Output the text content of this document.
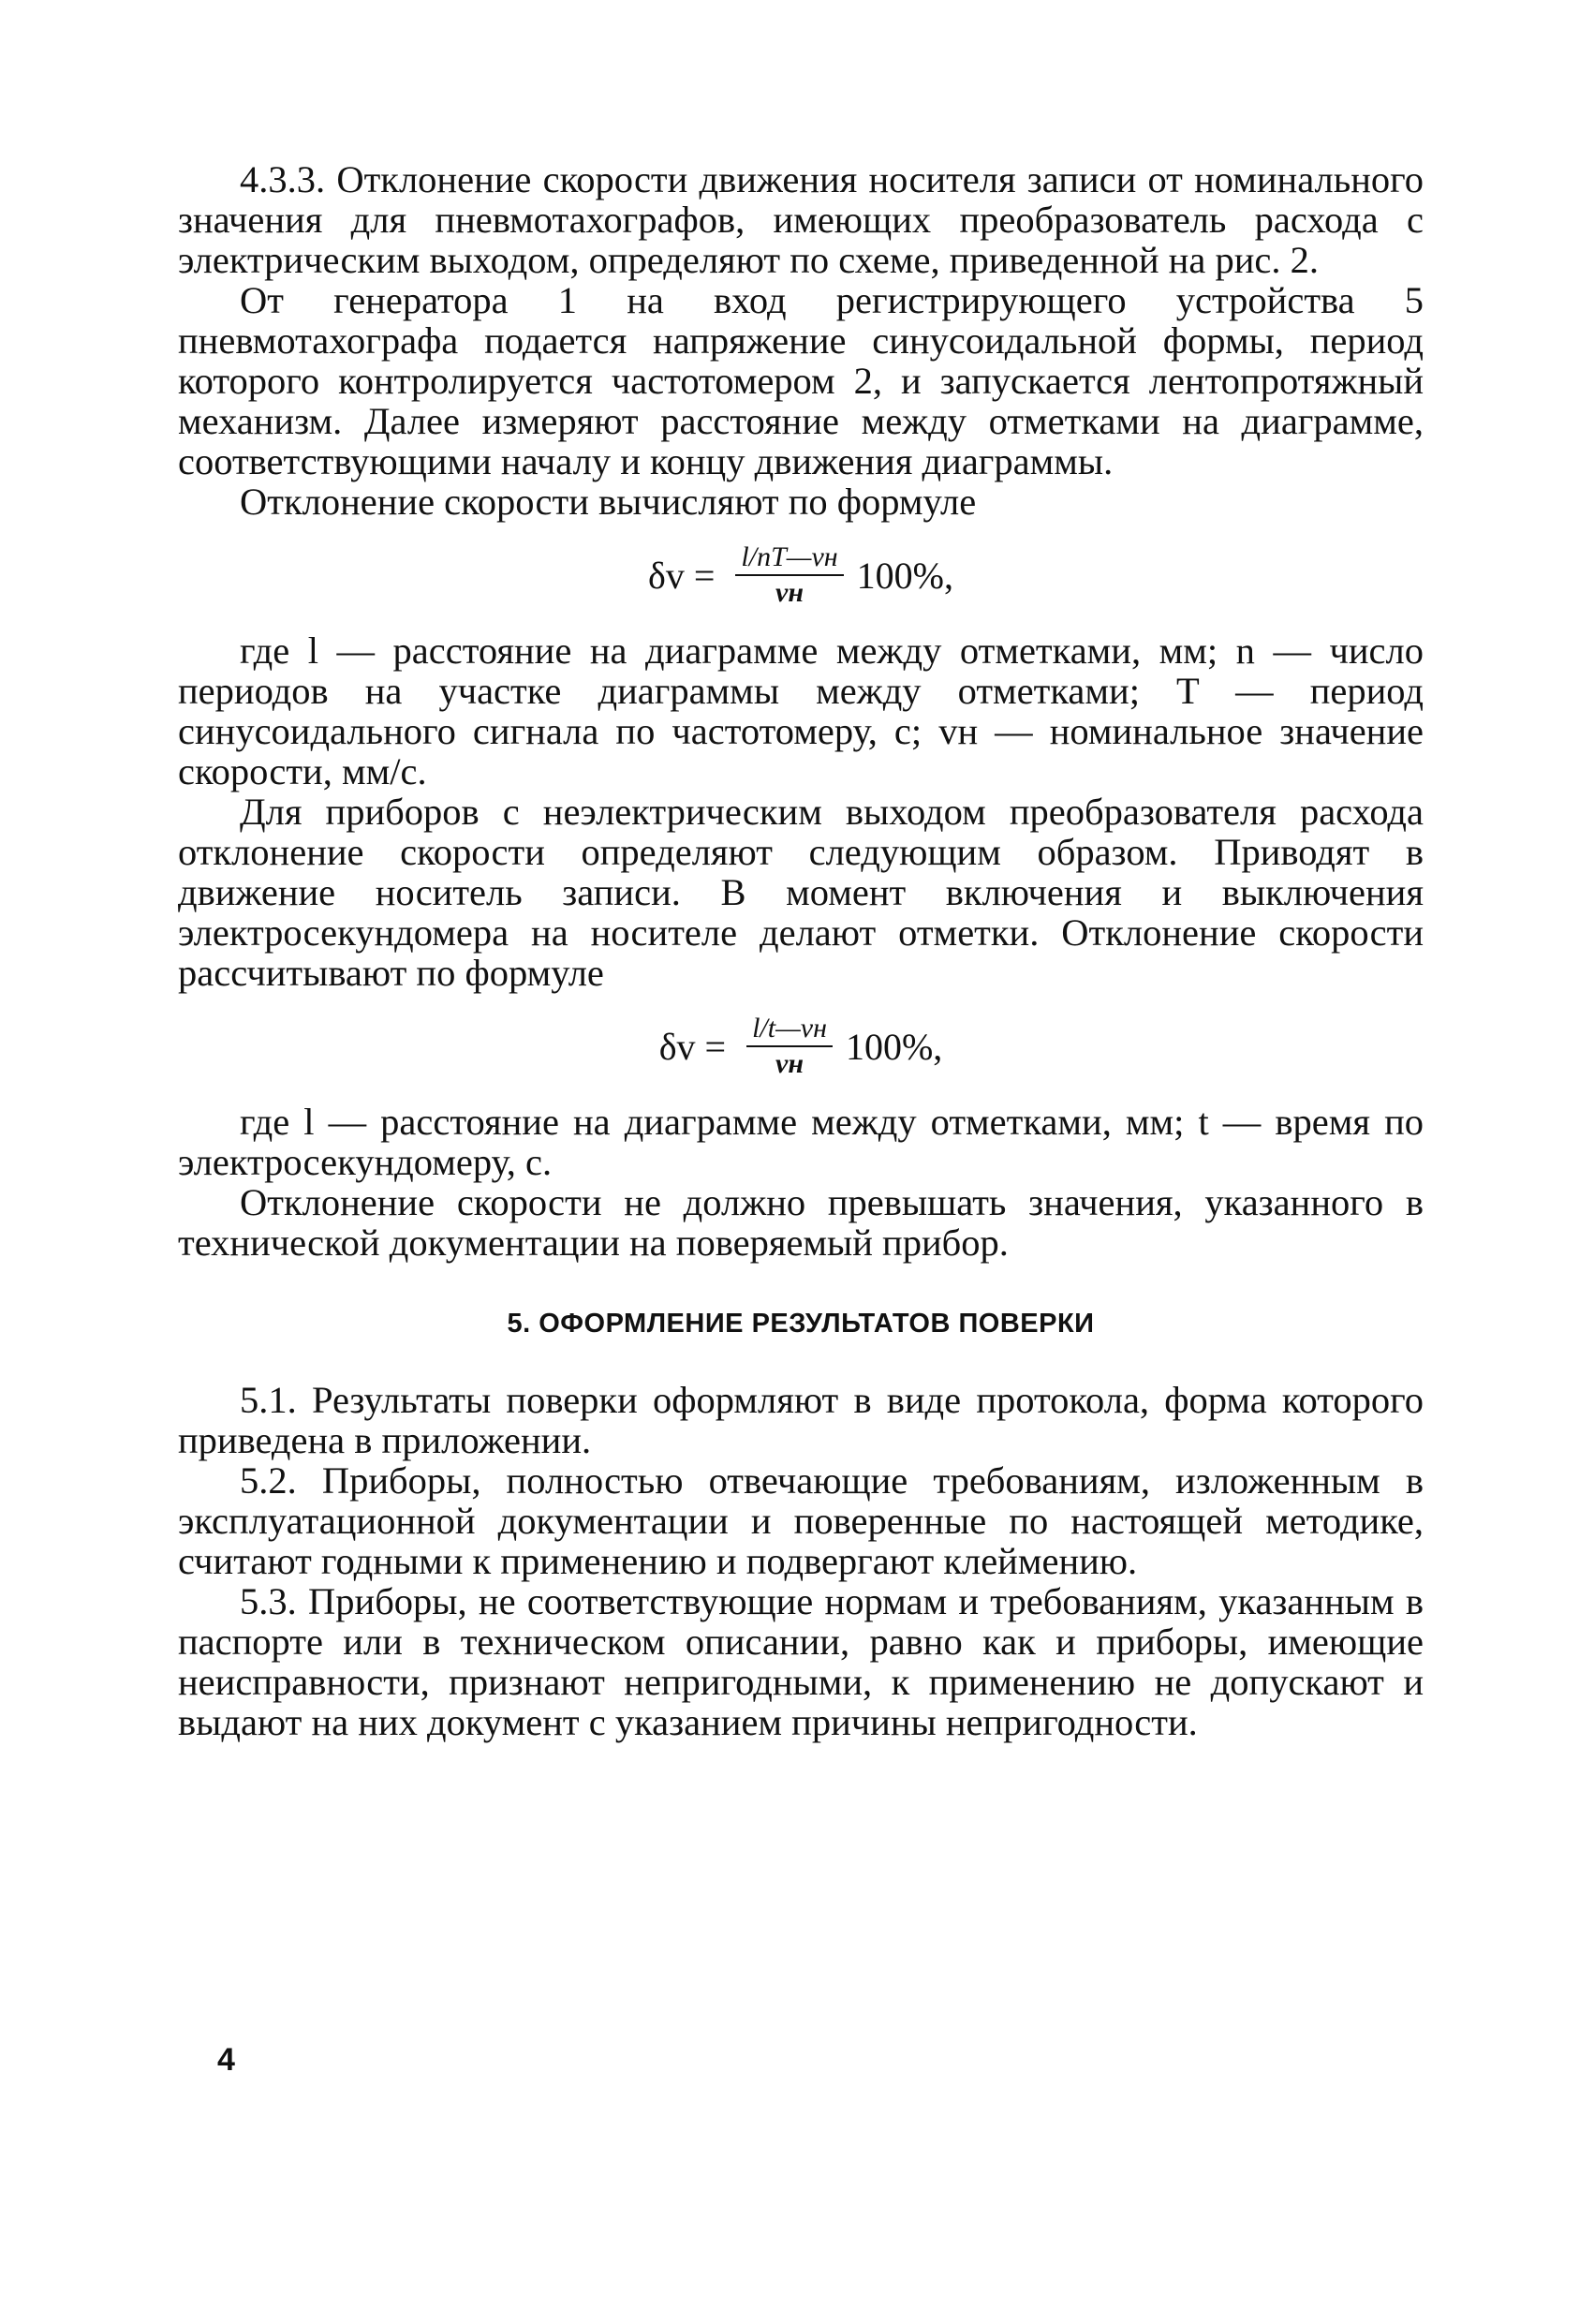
4.3.3. Отклонение скорости движения носителя записи от номинального значения для пневмотахографов, имеющих преобразователь расхода с электрическим выходом, определяют по схеме, приведенной на рис. 2.

От генератора 1 на вход регистрирующего устройства 5 пневмотахографа подается напряжение синусоидальной формы, период которого контролируется частотомером 2, и запускается лентопротяжный механизм. Далее измеряют расстояние между отметками на диаграмме, соответствующими началу и концу движения диаграммы.

Отклонение скорости вычисляют по формуле

$\delta v = \frac{l/nT—vн}{vн} 100\%$,

где l — расстояние на диаграмме между отметками, мм; n — число периодов на участке диаграммы между отметками; T — период синусоидального сигнала по частотомеру, с; vн — номинальное значение скорости, мм/с.

Для приборов с неэлектрическим выходом преобразователя расхода отклонение скорости определяют следующим образом. Приводят в движение носитель записи. В момент включения и выключения электросекундомера на носителе делают отметки. Отклонение скорости рассчитывают по формуле

$\delta v = \frac{l/t—vн}{vн} 100\%$,

где l — расстояние на диаграмме между отметками, мм; t — время по электросекундомеру, с.

Отклонение скорости не должно превышать значения, указанного в технической документации на поверяемый прибор.

5. ОФОРМЛЕНИЕ РЕЗУЛЬТАТОВ ПОВЕРКИ

5.1. Результаты поверки оформляют в виде протокола, форма которого приведена в приложении.

5.2. Приборы, полностью отвечающие требованиям, изложенным в эксплуатационной документации и поверенные по настоящей методике, считают годными к применению и подвергают клеймению.

5.3. Приборы, не соответствующие нормам и требованиям, указанным в паспорте или в техническом описании, равно как и приборы, имеющие неисправности, признают непригодными, к применению не допускают и выдают на них документ с указанием причины непригодности.

4
